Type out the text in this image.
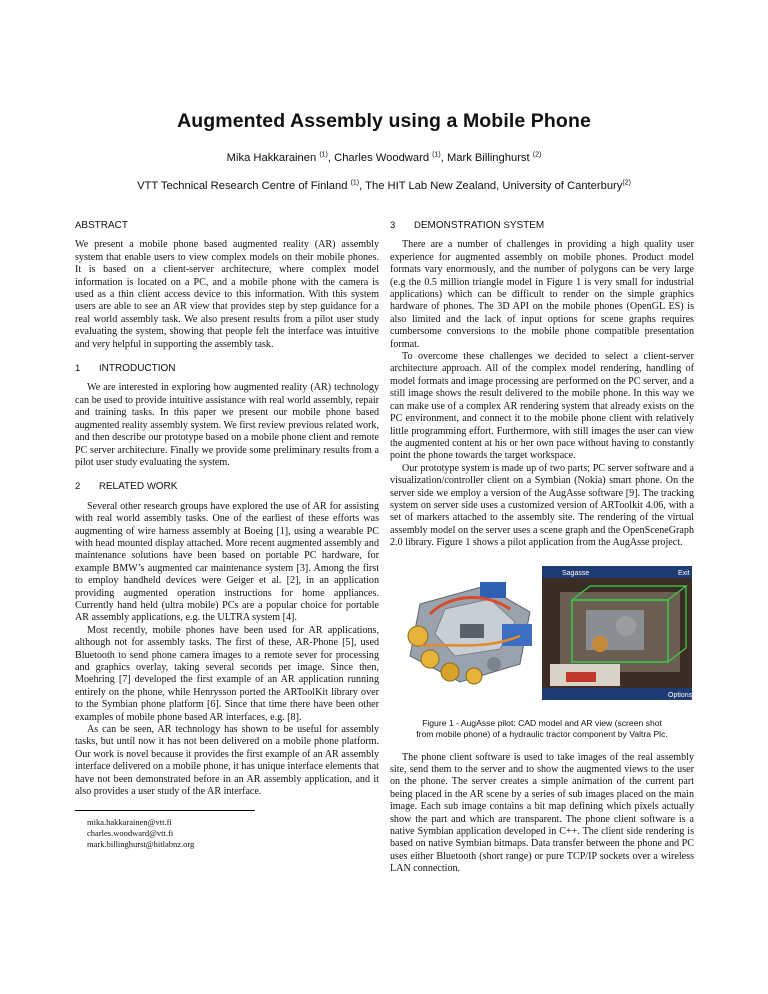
Augmented Assembly using a Mobile Phone
Mika Hakkarainen $^{(1)}$, Charles Woodward $^{(1)}$, Mark Billinghurst $^{(2)}$
VTT Technical Research Centre of Finland $^{(1)}$, The HIT Lab New Zealand, University of Canterbury$^{(2)}$
ABSTRACT

We present a mobile phone based augmented reality (AR) assembly system that enable users to view complex models on their mobile phones. It is based on a client-server architecture, where complex model information is located on a PC, and a mobile phone with the camera is used as a thin client access device to this information. With this system users are able to see an AR view that provides step by step guidance for a real world assembly task. We also present results from a pilot user study evaluating the system, showing that people felt the interface was intuitive and very helpful in supporting the assembly task.

1 INTRODUCTION

We are interested in exploring how augmented reality (AR) technology can be used to provide intuitive assistance with real world assembly, repair and training tasks. In this paper we present our mobile phone based augmented reality assembly system. We first review previous related work, and then describe our prototype based on a mobile phone client and remote PC server architecture. Finally we provide some preliminary results from a pilot user study evaluating the system.

2 RELATED WORK

Several other research groups have explored the use of AR for assisting with real world assembly tasks. One of the earliest of these efforts was augmenting of wire harness assembly at Boeing [1], using a wearable PC with head mounted display attached. More recent augmented assembly and maintenance solutions have been based on portable PC hardware, for example BMW’s augmented car maintenance system [3]. Among the first to employ handheld devices were Geiger et al. [2], in an application providing augmented operation instructions for home appliances. Currently hand held (ultra mobile) PCs are a popular choice for portable AR assembly applications, e.g. the ULTRA system [4].

Most recently, mobile phones have been used for AR applications, although not for assembly tasks. The first of these, AR-Phone [5], used Bluetooth to send phone camera images to a remote sever for processing and graphics overlay, taking several seconds per image. Since then, Moehring [7] developed the first example of an AR application running entirely on the phone, while Henrysson ported the ARToolKit library over to the Symbian phone platform [6]. Since that time there have been other examples of mobile phone based AR interfaces, e.g. [8].

As can be seen, AR technology has shown to be useful for assembly tasks, but until now it has not been delivered on a mobile phone platform. Our work is novel because it provides the first example of an AR assembly interface delivered on a mobile phone, it has unique interface elements that have not been demonstrated before in an AR assembly application, and it also provides a user study of the AR interface.

mika.hakkarainen@vtt.fi
charles.woodward@vtt.fi
mark.billinghurst@hitlabnz.org
3 DEMONSTRATION SYSTEM

There are a number of challenges in providing a high quality user experience for augmented assembly on mobile phones. Product model formats vary enormously, and the number of polygons can be very large (e.g the 0.5 million triangle model in Figure 1 is very small for industrial applications) which can be difficult to render on the simple graphics hardware of phones. The 3D API on the mobile phones (OpenGL ES) is also limited and the lack of input options for scene graphs requires cumbersome conversions to the mobile phone compatible presentation format.

To overcome these challenges we decided to select a client-server architecture approach. All of the complex model rendering, handling of model formats and image processing are performed on the PC server, and a still image shows the result delivered to the mobile phone. In this way we can make use of a complex AR rendering system that already exists on the PC environment, and connect it to the mobile phone client with relatively little programming effort. Furthermore, with still images the user can view the augmented content at his or her own pace without having to constantly point the phone towards the target workspace.

Our prototype system is made up of two parts; PC server software and a visualization/controller client on a Symbian (Nokia) smart phone. On the server side we employ a version of the AugAsse software [9]. The tracking system on server side uses a customized version of ARToolkit 4.06, with a set of markers attached to the assembly site. The rendering of the virtual assembly model on the server uses a scene graph and the OpenSceneGraph 2.0 library. Figure 1 shows a pilot application from the AugAsse project.

Sagasse	Exit
Options
Figure 1 - AugAsse pilot: CAD model and AR view (screen shot
from mobile phone) of a hydraulic tractor component by Valtra Plc.

The phone client software is used to take images of the real assembly site, send them to the server and to show the augmented views to the user on the phone. The server creates a simple animation of the current part being placed in the AR scene by a series of sub images placed on the main image. Each sub image contains a bit map defining which pixels actually show the part and which are transparent. The phone client software is a native Symbian application developed in C++. The client side rendering is based on native Symbian bitmaps. Data transfer between the phone and PC uses either Bluetooth (short range) or pure TCP/IP sockets over a wireless LAN connection.
